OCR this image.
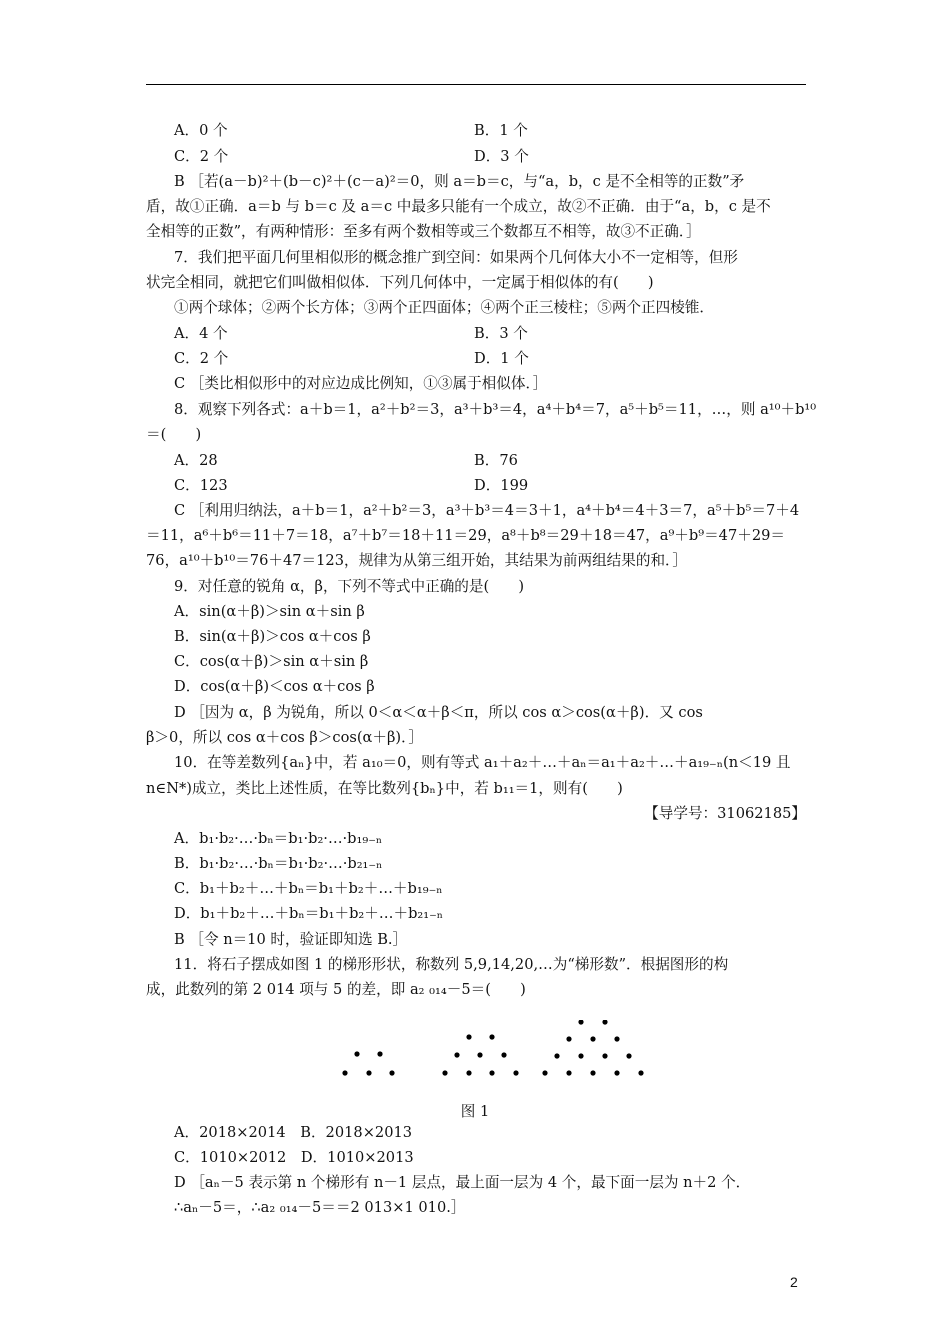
A．0 个	B．1 个
C．2 个	D．3 个
B ［若(a－b)²＋(b－c)²＋(c－a)²＝0，则 a＝b＝c，与“a，b，c 是不全相等的正数”矛
盾，故①正确．a＝b 与 b＝c 及 a＝c 中最多只能有一个成立，故②不正确．由于“a，b，c 是不
全相等的正数”，有两种情形：至多有两个数相等或三个数都互不相等，故③不正确．］
7．我们把平面几何里相似形的概念推广到空间：如果两个几何体大小不一定相等，但形
状完全相同，就把它们叫做相似体．下列几何体中，一定属于相似体的有(　　)
①两个球体；②两个长方体；③两个正四面体；④两个正三棱柱；⑤两个正四棱锥．
A．4 个	B．3 个
C．2 个	D．1 个
C ［类比相似形中的对应边成比例知，①③属于相似体．］
8．观察下列各式：a＋b＝1，a²＋b²＝3，a³＋b³＝4，a⁴＋b⁴＝7，a⁵＋b⁵＝11，…，则 a¹⁰＋b¹⁰
＝(　　)
A．28	B．76
C．123	D．199
C ［利用归纳法，a＋b＝1，a²＋b²＝3，a³＋b³＝4＝3＋1，a⁴＋b⁴＝4＋3＝7，a⁵＋b⁵＝7＋4
＝11，a⁶＋b⁶＝11＋7＝18，a⁷＋b⁷＝18＋11＝29，a⁸＋b⁸＝29＋18＝47，a⁹＋b⁹＝47＋29＝
76，a¹⁰＋b¹⁰＝76＋47＝123，规律为从第三组开始，其结果为前两组结果的和．］
9．对任意的锐角 α，β，下列不等式中正确的是(　　)
A．sin(α＋β)＞sin α＋sin β
B．sin(α＋β)＞cos α＋cos β
C．cos(α＋β)＞sin α＋sin β
D．cos(α＋β)＜cos α＋cos β
D ［因为 α，β 为锐角，所以 0＜α＜α＋β＜π，所以 cos α＞cos(α＋β)．又 cos
β＞0，所以 cos α＋cos β＞cos(α＋β)．］
10．在等差数列{aₙ}中，若 a₁₀＝0，则有等式 a₁＋a₂＋…＋aₙ＝a₁＋a₂＋…＋a₁₉₋ₙ(n＜19 且
n∈N*)成立，类比上述性质，在等比数列{bₙ}中，若 b₁₁＝1，则有(　　)
【导学号：31062185】
A．b₁·b₂·…·bₙ＝b₁·b₂·…·b₁₉₋ₙ
B．b₁·b₂·…·bₙ＝b₁·b₂·…·b₂₁₋ₙ
C．b₁＋b₂＋…＋bₙ＝b₁＋b₂＋…＋b₁₉₋ₙ
D．b₁＋b₂＋…＋bₙ＝b₁＋b₂＋…＋b₂₁₋ₙ
B ［令 n＝10 时，验证即知选 B.］
11．将石子摆成如图 1 的梯形形状，称数列 5,9,14,20,…为“梯形数”．根据图形的构
成，此数列的第 2 014 项与 5 的差，即 a₂ ₀₁₄－5＝(　　)
图 1
A．2018×2014　B．2018×2013
C．1010×2012　D．1010×2013
D ［aₙ－5 表示第 n 个梯形有 n－1 层点，最上面一层为 4 个，最下面一层为 n＋2 个．
∴aₙ－5＝，∴a₂ ₀₁₄－5＝＝2 013×1 010.］
2
